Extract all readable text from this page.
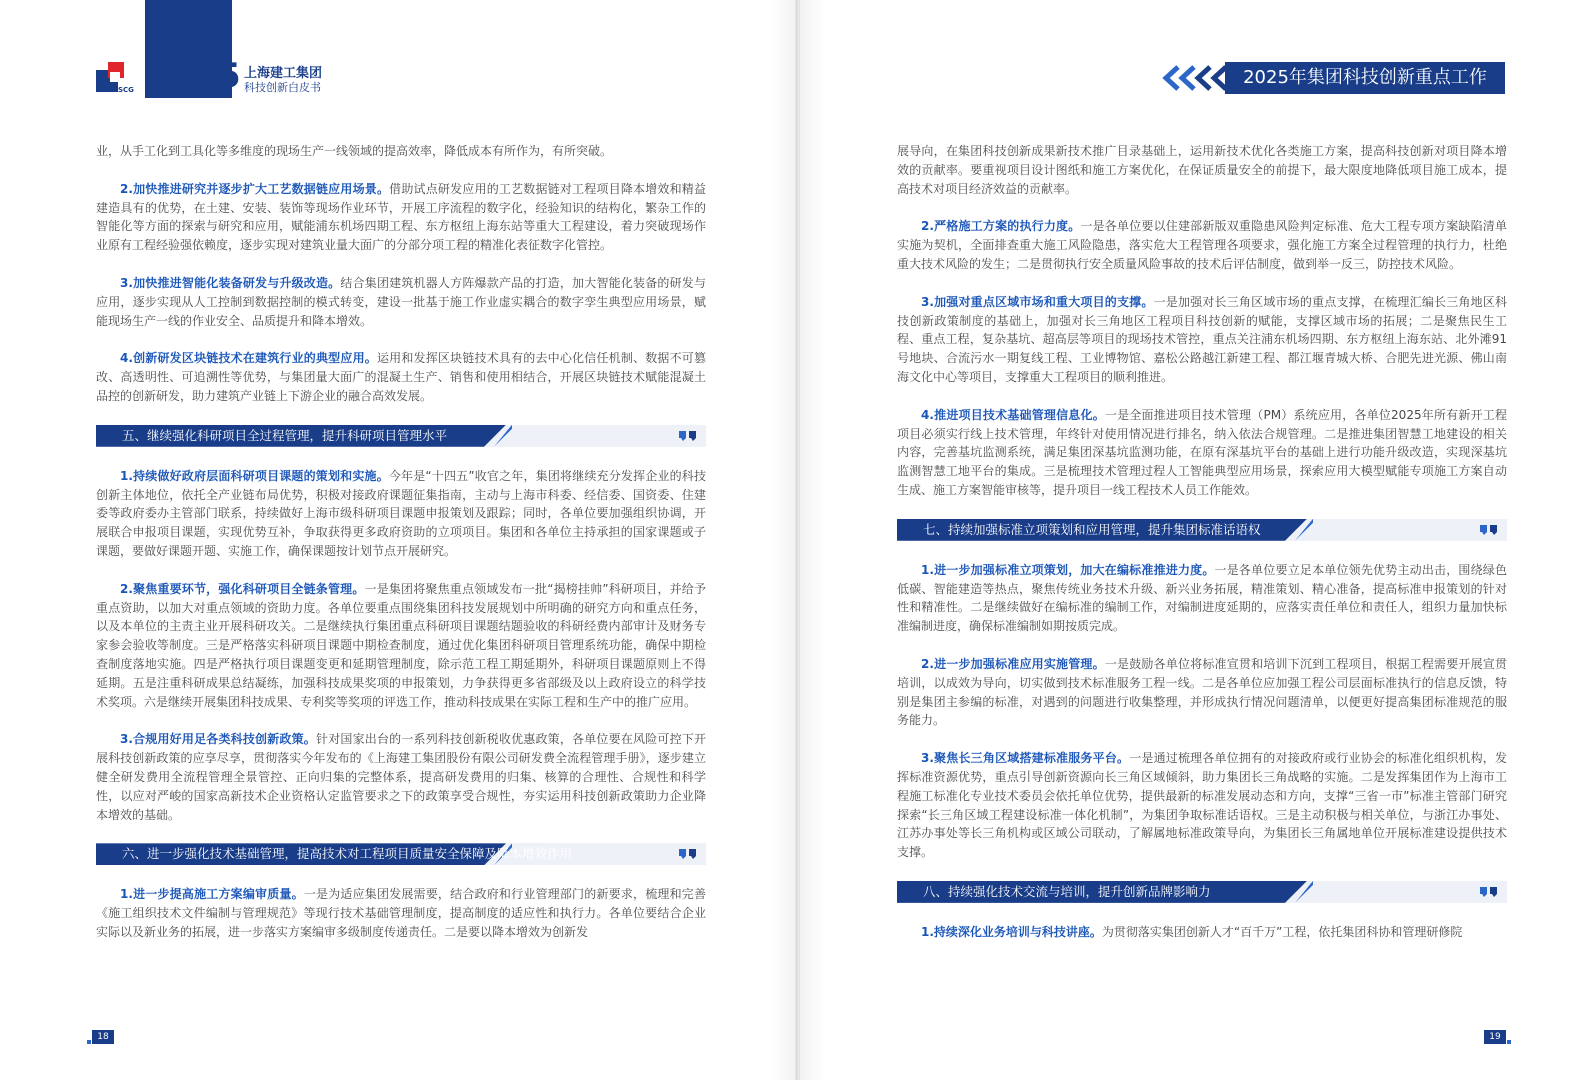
SCG 2025 上海建工集团
科技创新白皮书	2025年集团科技创新重点工作

业，从手工化到工具化等多维度的现场生产一线领域的提高效率，降低成本有所作为，有所突破。

2.加快推进研究并逐步扩大工艺数据链应用场景。借助试点研发应用的工艺数据链对工程项目降本增效和精益建造具有的优势，在土建、安装、装饰等现场作业环节，开展工序流程的数字化，经验知识的结构化，繁杂工作的智能化等方面的探索与研究和应用，赋能浦东机场四期工程、东方枢纽上海东站等重大工程建设，着力突破现场作业原有工程经验强依赖度，逐步实现对建筑业量大面广的分部分项工程的精准化表征数字化管控。

3.加快推进智能化装备研发与升级改造。结合集团建筑机器人方阵爆款产品的打造，加大智能化装备的研发与应用，逐步实现从人工控制到数据控制的模式转变，建设一批基于施工作业虚实耦合的数字孪生典型应用场景，赋能现场生产一线的作业安全、品质提升和降本增效。

4.创新研发区块链技术在建筑行业的典型应用。运用和发挥区块链技术具有的去中心化信任机制、数据不可篡改、高透明性、可追溯性等优势，与集团量大面广的混凝土生产、销售和使用相结合，开展区块链技术赋能混凝土品控的创新研发，助力建筑产业链上下游企业的融合高效发展。

五、继续强化科研项目全过程管理，提升科研项目管理水平

1.持续做好政府层面科研项目课题的策划和实施。今年是“十四五”收官之年，集团将继续充分发挥企业的科技创新主体地位，依托全产业链布局优势，积极对接政府课题征集指南，主动与上海市科委、经信委、国资委、住建委等政府委办主管部门联系，持续做好上海市级科研项目课题申报策划及跟踪；同时，各单位要加强组织协调，开展联合申报项目课题，实现优势互补，争取获得更多政府资助的立项项目。集团和各单位主持承担的国家课题或子课题，要做好课题开题、实施工作，确保课题按计划节点开展研究。

2.聚焦重要环节，强化科研项目全链条管理。一是集团将聚焦重点领域发布一批“揭榜挂帅”科研项目，并给予重点资助，以加大对重点领域的资助力度。各单位要重点围绕集团科技发展规划中所明确的研究方向和重点任务，以及本单位的主责主业开展科研攻关。二是继续执行集团重点科研项目课题结题验收的科研经费内部审计及财务专家参会验收等制度。三是严格落实科研项目课题中期检查制度，通过优化集团科研项目管理系统功能，确保中期检查制度落地实施。四是严格执行项目课题变更和延期管理制度，除示范工程工期延期外，科研项目课题原则上不得延期。五是注重科研成果总结凝练，加强科技成果奖项的申报策划，力争获得更多省部级及以上政府设立的科学技术奖项。六是继续开展集团科技成果、专利奖等奖项的评选工作，推动科技成果在实际工程和生产中的推广应用。

3.合规用好用足各类科技创新政策。针对国家出台的一系列科技创新税收优惠政策，各单位要在风险可控下开展科技创新政策的应享尽享，贯彻落实今年发布的《上海建工集团股份有限公司研发费全流程管理手册》，逐步建立健全研发费用全流程管理全景管控、正向归集的完整体系，提高研发费用的归集、核算的合理性、合规性和科学性，以应对严峻的国家高新技术企业资格认定监管要求之下的政策享受合规性，夯实运用科技创新政策助力企业降本增效的基础。

六、进一步强化技术基础管理，提高技术对工程项目质量安全保障及降本增效作用

1.进一步提高施工方案编审质量。一是为适应集团发展需要，结合政府和行业管理部门的新要求，梳理和完善《施工组织技术文件编制与管理规范》等现行技术基础管理制度，提高制度的适应性和执行力。各单位要结合企业实际以及新业务的拓展，进一步落实方案编审多级制度传递责任。二是要以降本增效为创新发

展导向，在集团科技创新成果新技术推广目录基础上，运用新技术优化各类施工方案，提高科技创新对项目降本增效的贡献率。要重视项目设计图纸和施工方案优化，在保证质量安全的前提下，最大限度地降低项目施工成本，提高技术对项目经济效益的贡献率。

2.严格施工方案的执行力度。一是各单位要以住建部新版双重隐患风险判定标准、危大工程专项方案缺陷清单实施为契机，全面排查重大施工风险隐患，落实危大工程管理各项要求，强化施工方案全过程管理的执行力，杜绝重大技术风险的发生；二是贯彻执行安全质量风险事故的技术后评估制度，做到举一反三，防控技术风险。

3.加强对重点区域市场和重大项目的支撑。一是加强对长三角区域市场的重点支撑，在梳理汇编长三角地区科技创新政策制度的基础上，加强对长三角地区工程项目科技创新的赋能，支撑区域市场的拓展；二是聚焦民生工程、重点工程，复杂基坑、超高层等项目的现场技术管控，重点关注浦东机场四期、东方枢纽上海东站、北外滩91号地块、合流污水一期复线工程、工业博物馆、嘉松公路越江新建工程、都江堰青城大桥、合肥先进光源、佛山南海文化中心等项目，支撑重大工程项目的顺利推进。

4.推进项目技术基础管理信息化。一是全面推进项目技术管理（PM）系统应用，各单位2025年所有新开工程项目必须实行线上技术管理，年终针对使用情况进行排名，纳入依法合规管理。二是推进集团智慧工地建设的相关内容，完善基坑监测系统，满足集团深基坑监测功能，在原有深基坑平台的基础上进行功能升级改造，实现深基坑监测智慧工地平台的集成。三是梳理技术管理过程人工智能典型应用场景，探索应用大模型赋能专项施工方案自动生成、施工方案智能审核等，提升项目一线工程技术人员工作能效。

七、持续加强标准立项策划和应用管理，提升集团标准话语权

1.进一步加强标准立项策划，加大在编标准推进力度。一是各单位要立足本单位领先优势主动出击，围绕绿色低碳、智能建造等热点，聚焦传统业务技术升级、新兴业务拓展，精准策划、精心准备，提高标准申报策划的针对性和精准性。二是继续做好在编标准的编制工作，对编制进度延期的，应落实责任单位和责任人，组织力量加快标准编制进度，确保标准编制如期按质完成。

2.进一步加强标准应用实施管理。一是鼓励各单位将标准宣贯和培训下沉到工程项目，根据工程需要开展宣贯培训，以成效为导向，切实做到技术标准服务工程一线。二是各单位应加强工程公司层面标准执行的信息反馈，特别是集团主参编的标准，对遇到的问题进行收集整理，并形成执行情况问题清单，以便更好提高集团标准规范的服务能力。

3.聚焦长三角区域搭建标准服务平台。一是通过梳理各单位拥有的对接政府或行业协会的标准化组织机构，发挥标准资源优势，重点引导创新资源向长三角区域倾斜，助力集团长三角战略的实施。二是发挥集团作为上海市工程施工标准化专业技术委员会依托单位优势，提供最新的标准发展动态和方向，支撑“三省一市”标准主管部门研究探索“长三角区域工程建设标准一体化机制”，为集团争取标准话语权。三是主动积极与相关单位，与浙江办事处、江苏办事处等长三角机构或区域公司联动，了解属地标准政策导向，为集团长三角属地单位开展标准建设提供技术支撑。

八、持续强化技术交流与培训，提升创新品牌影响力

1.持续深化业务培训与科技讲座。为贯彻落实集团创新人才“百千万”工程，依托集团科协和管理研修院

18	19
